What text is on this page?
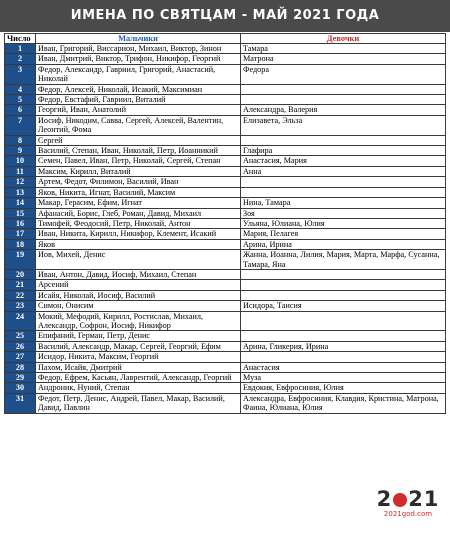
ИМЕНА ПО СВЯТЦАМ - МАЙ 2021 ГОДА
Число	Мальчики	Девочки
1	Иван, Григорий, Виссарион, Михаил, Виктор, Зинон	Тамара
2	Иван, Дмитрий, Виктор, Трифон, Никифор, Георгий	Матрона
3	Федор, Александр, Гавриил, Григорий, Анастасий, Николай	Федора
4	Федор, Алексей, Николай, Исакий, Максимиан	
5	Федор, Евстафий, Гавриил, Виталий	
6	Георгий, Иван, Анатолий	Александра, Валерия
7	Иосиф, Никодим, Савва, Сергей, Алексей, Валентин, Леонтий, Фома	Елизавета, Эльза
8	Сергей	
9	Василий, Степан, Иван, Николай, Петр, Иоанникий	Глафира
10	Семен, Павел, Иван, Петр, Николай, Сергей, Степан	Анастасия, Мария
11	Максим, Кирилл, Виталий	Анна
12	Артем, Федот, Филимон, Василий, Иван	
13	Яков, Никита, Игнат, Василий, Максим	
14	Макар, Герасим, Ефим, Игнат	Нина, Тамара
15	Афанасий, Борис, Глеб, Роман, Давид, Михаил	Зоя
16	Тимофей, Феодосий, Петр, Николай, Антон	Ульяна, Юлиана, Юлия
17	Иван, Никита, Кирилл, Никифор, Клемент, Исакий	Мария, Пелагея
18	Яков	Арина, Ирина
19	Иов, Михей, Денис	Жанна, Иоанна, Лилия, Мария, Марта, Марфа, Сусанна, Тамара, Яна
20	Иван, Антон, Давид, Иосиф, Михаил, Степан	
21	Арсений	
22	Исайя, Николай, Иосиф, Василий	
23	Симон, Онисим	Исидора, Таисия
24	Мокий, Мефодий, Кирилл, Ростислав, Михаил, Александр, Софрон, Иосиф, Никифор	
25	Епифаний, Герман, Петр, Денис	
26	Василий, Александр, Макар, Сергей, Георгий, Ефим	Арина, Гликерия, Ирина
27	Исидор, Никита, Максим, Георгий	
28	Пахом, Исайя, Дмитрий	Анастасия
29	Федор, Ефрем, Касьян, Лаврентий, Александр, Георгий	Муза
30	Андроник, Нуний, Степан	Евдокия, Евфросиния, Юлия
31	Федот, Петр, Денис, Андрей, Павел, Макар, Василий, Давид, Павлин	Александра, Евфросиния, Клавдия, Кристина, Матрона, Фаина, Юлиана, Юлия
2 21
2021god.com
